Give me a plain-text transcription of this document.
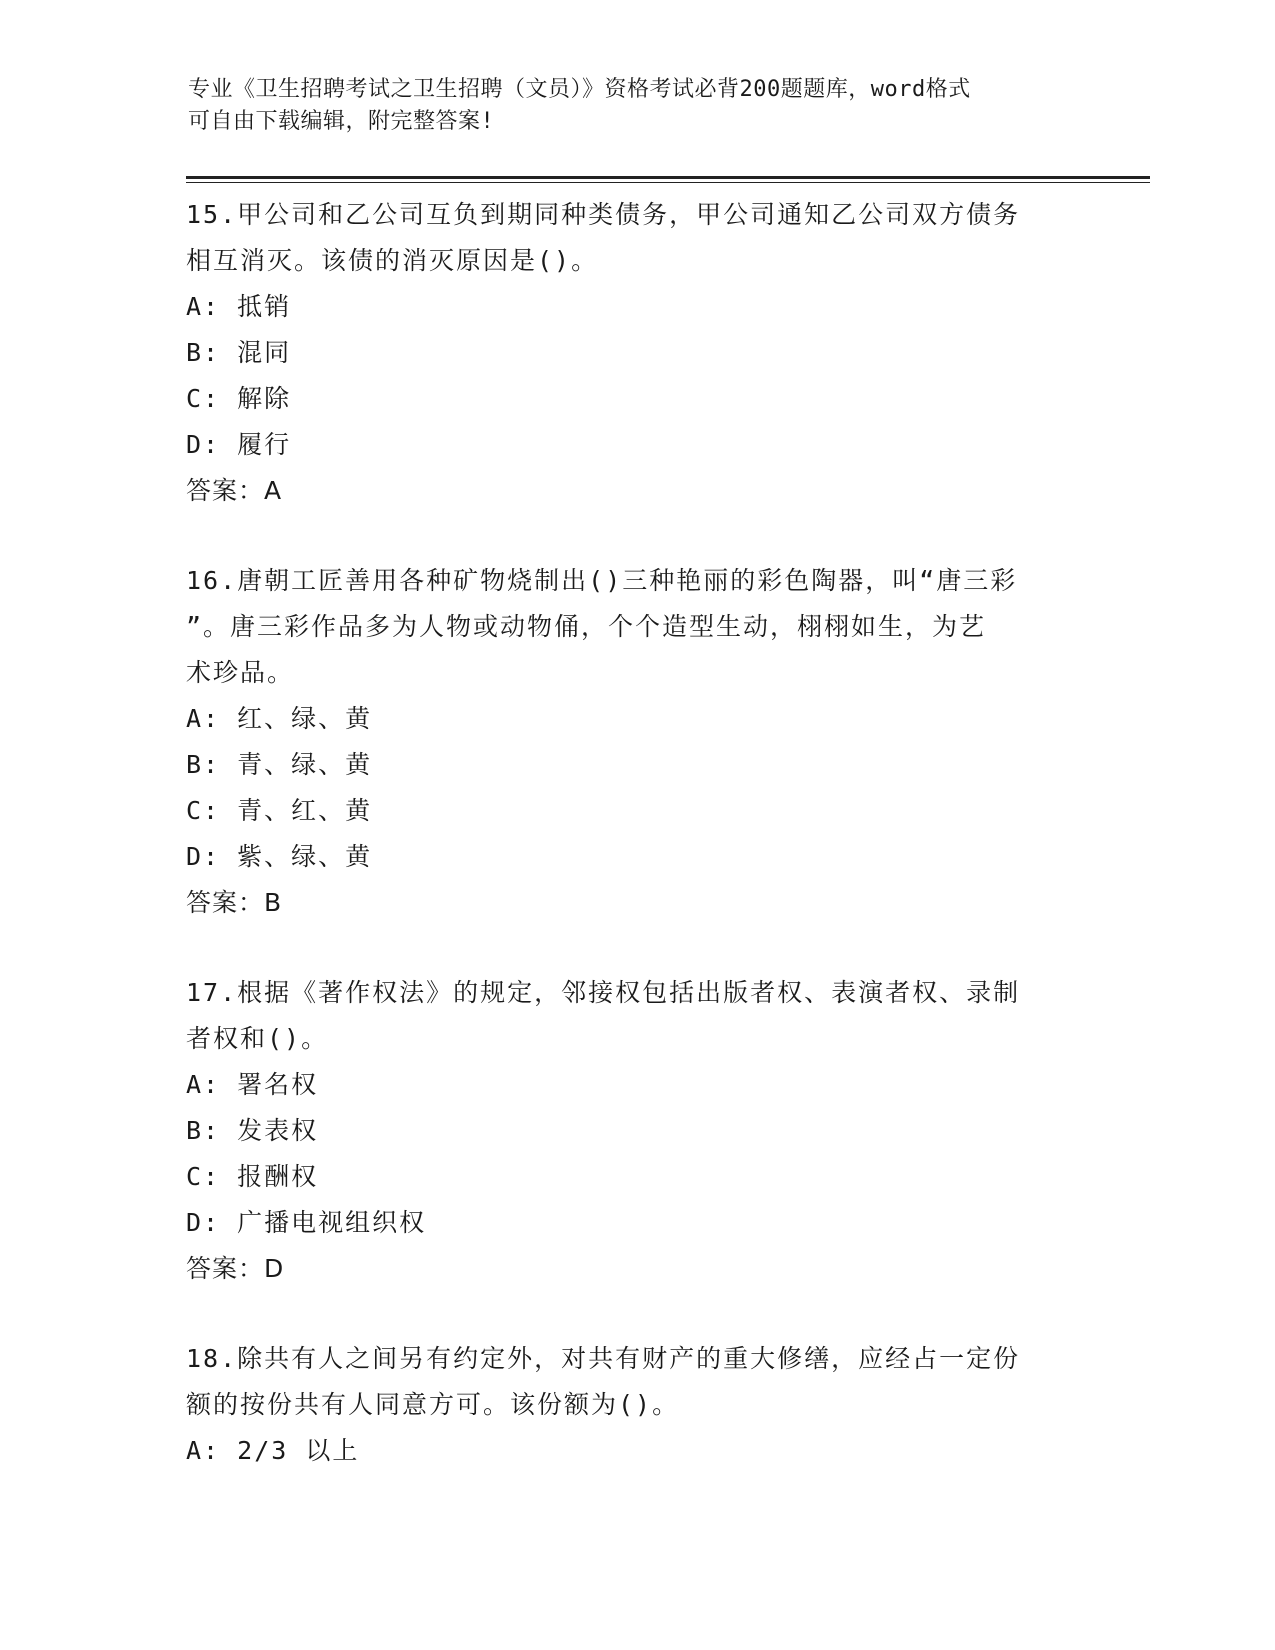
专业《卫生招聘考试之卫生招聘（文员）》资格考试必背200题题库，word格式
可自由下载编辑，附完整答案!
15.甲公司和乙公司互负到期同种类债务，甲公司通知乙公司双方债务
相互消灭。该债的消灭原因是()。
A: 抵销
B: 混同
C: 解除
D: 履行
答案：A
16.唐朝工匠善用各种矿物烧制出()三种艳丽的彩色陶器，叫“唐三彩
”。唐三彩作品多为人物或动物俑，个个造型生动，栩栩如生，为艺
术珍品。
A: 红、绿、黄
B: 青、绿、黄
C: 青、红、黄
D: 紫、绿、黄
答案：B
17.根据《著作权法》的规定，邻接权包括出版者权、表演者权、录制
者权和()。
A: 署名权
B: 发表权
C: 报酬权
D: 广播电视组织权
答案：D
18.除共有人之间另有约定外，对共有财产的重大修缮，应经占一定份
额的按份共有人同意方可。该份额为()。
A: 2/3 以上
